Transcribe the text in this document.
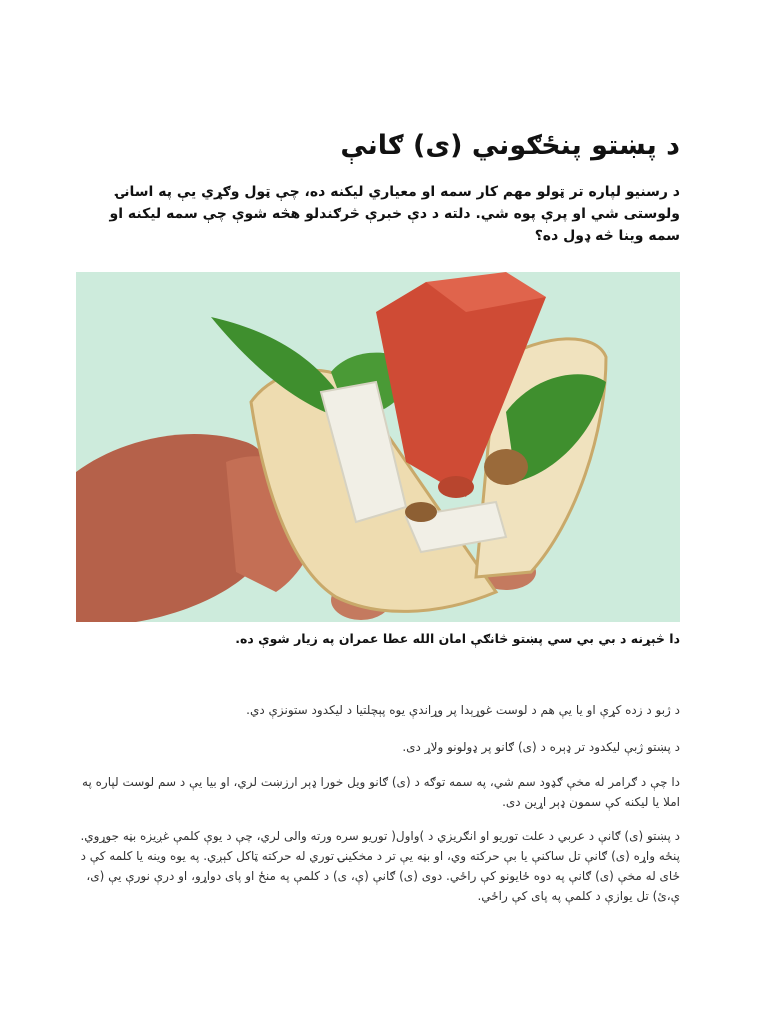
د پښتو پنځګوني (ی) ګانې
د رسنیو لپاره تر ټولو مهم کار سمه او معیاري لیکنه ده، چې ټول وګړي یې په اسانۍ ولوستی شي او پرې پوه شي. دلته د دې خبرې څرګندلو هڅه شوې چې سمه لیکنه او سمه وینا څه ډول ده؟
دا څېړنه د بي بي سي پښتو څانګې امان الله عطا عمران په زيار شوې ده.
د ژبو د زده کړې او یا یې هم د لوست غوړېدا پر وړاندې یوه پېچلتیا د لیکدود ستونزې دي.
د پښتو ژبې لیکدود تر ډېره د (ی) ګانو پر ډولونو ولاړ دی.
دا چې د ګرامر له مخې ګډود سم شي، په سمه توګه د (ی) ګانو ویل خورا ډېر ارزښت لري، او بیا یې د سم لوست لپاره په املا یا لیکنه کې سمون ډېر اړین دی.
د پښتو (ی) ګانې د عربي د علت توریو او انګریزي د )واول( توریو سره ورته والی لري، چې د یوې کلمې غږیزه بڼه جوړوي. پنځه واړه (ی) ګانې تل ساکنې یا بې حرکته وي، او بڼه یې تر د مخکینۍ توري له حرکته ټاکل کېږي. په یوه وینه یا کلمه کې د ځای له مخې (ی) ګانې په دوه ځایونو کې راځي. دوی (ی) ګانې (ې، ی) د کلمې په منځ او پای دواړو، او درې نورې یې (ی، ې،ئ) تل یوازې د کلمې په پای کې راځي.
